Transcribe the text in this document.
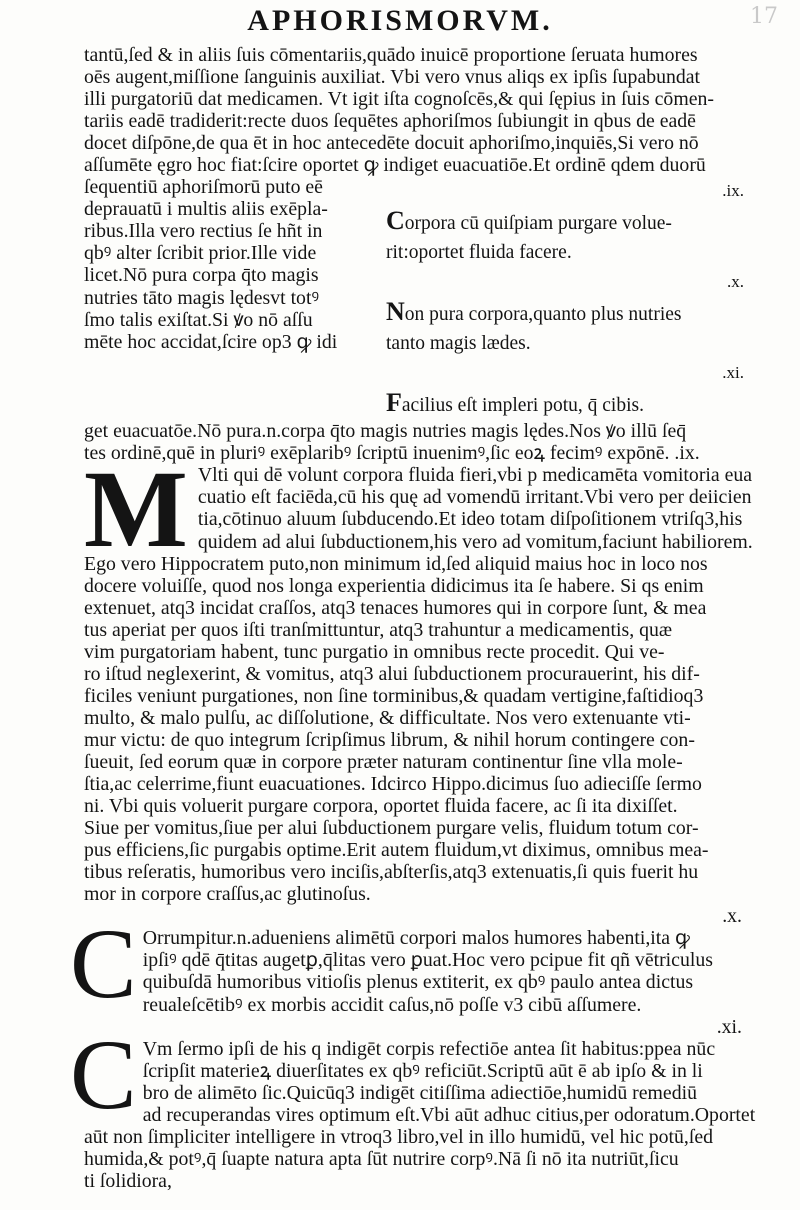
17
APHORISMORVM.
tantū,ſed & in aliis ſuis cōmentariis,quādo inuicē proportione ſeruata humores
oēs augent,miſſione ſanguinis auxiliat. Vbi vero vnus aliqs ex ipſis ſupabundat
illi purgatoriū dat medicamen. Vt igit iſta cognoſcēs,& qui ſępius in ſuis cōmen-
tariis eadē tradiderit:recte duos ſequētes aphoriſmos ſubiungit in qbus de eadē
docet diſpōne,de qua ēt in hoc antecedēte docuit aphoriſmo,inquiēs,Si vero nō
aſſumēte ęgro hoc fiat:ſcire oportet ꝙ indiget euacuatiōe.Et ordinē qdem duorū
ſequentiū aphoriſmorū puto eē
deprauatū i multis aliis exēpla-
ribus.Illa vero rectius ſe hñt in
qbꝰ alter ſcribit prior.Ille vide
licet.Nō pura corpa q̄to magis
nutries tāto magis lędesvt totꝰ
ſmo talis exiſtat.Si ꝟo nō aſſu
mēte hoc accidat,ſcire op3 ꝙ idi
.ix.
Corpora cū quiſpiam purgare volue-
rit:oportet fluida facere.
.x.
Non pura corpora,quanto plus nutries
tanto magis lædes.
.xi.
Facilius eſt impleri potu, q̄ cibis.
get euacuatōe.Nō pura.n.corpa q̄to magis nutries magis lędes.Nos ꝟo illū ſeq̄
tes ordinē,quē in pluriꝰ exēplaribꝰ ſcriptū inuenimꝰ,ſic eoꝝ fecimꝰ expōnē. .ix.
M Vlti qui dē volunt corpora fluida fieri,vbi p medicamēta vomitoria eua
cuatio eſt faciēda,cū his quę ad vomendū irritant.Vbi vero per deiicien
tia,cōtinuo aluum ſubducendo.Et ideo totam diſpoſitionem vtriſq3,his
quidem ad alui ſubductionem,his vero ad vomitum,faciunt habiliorem.
Ego vero Hippocratem puto,non minimum id,ſed aliquid maius hoc in loco nos
docere voluiſſe, quod nos longa experientia didicimus ita ſe habere. Si qs enim
extenuet, atq3 incidat craſſos, atq3 tenaces humores qui in corpore ſunt, & mea
tus aperiat per quos iſti tranſmittuntur, atq3 trahuntur a medicamentis, quæ
vim purgatoriam habent, tunc purgatio in omnibus recte procedit. Qui ve-
ro iſtud neglexerint, & vomitus, atq3 alui ſubductionem procurauerint, his dif-
ficiles veniunt purgationes, non ſine torminibus,& quadam vertigine,faſtidioq3
multo, & malo pulſu, ac diſſolutione, & difficultate. Nos vero extenuante vti-
mur victu: de quo integrum ſcripſimus librum, & nihil horum contingere con-
ſueuit, ſed eorum quæ in corpore præter naturam continentur ſine vlla mole-
ſtia,ac celerrime,fiunt euacuationes. Idcirco Hippo.dicimus ſuo adieciſſe ſermo
ni. Vbi quis voluerit purgare corpora, oportet fluida facere, ac ſi ita dixiſſet.
Siue per vomitus,ſiue per alui ſubductionem purgare velis, fluidum totum cor-
pus efficiens,ſic purgabis optime.Erit autem fluidum,vt diximus, omnibus mea-
tibus reſeratis, humoribus vero inciſis,abſterſis,atq3 extenuatis,ſi quis fuerit hu
mor in corpore craſſus,ac glutinoſus.
.x.
C Orrumpitur.n.adueniens alimētū corpori malos humores habenti,ita ꝙ
ipſiꝰ qdē q̄titas augetꝑ,q̄litas vero ꝑuat.Hoc vero pcipue fit qñ vētriculus
quibuſdā humoribus vitioſis plenus extiterit, ex qbꝰ paulo antea dictus
reualeſcētibꝰ ex morbis accidit caſus,nō poſſe v3 cibū aſſumere.
.xi.
C Vm ſermo ipſi de his q indigēt corpis refectiōe antea ſit habitus:ppea nūc
ſcripſit materieꝝ diuerſitates ex qbꝰ reficiūt.Scriptū aūt ē ab ipſo & in li
bro de alimēto ſic.Quicūq3 indigēt citiſſima adiectiōe,humidū remediū
ad recuperandas vires optimum eſt.Vbi aūt adhuc citius,per odoratum.Oportet
aūt non ſimpliciter intelligere in vtroq3 libro,vel in illo humidū, vel hic potū,ſed
humida,& potꝰ,q̄ ſuapte natura apta ſūt nutrire corpꝰ.Nā ſi nō ita nutriūt,ſicu
ti ſolidiora,
